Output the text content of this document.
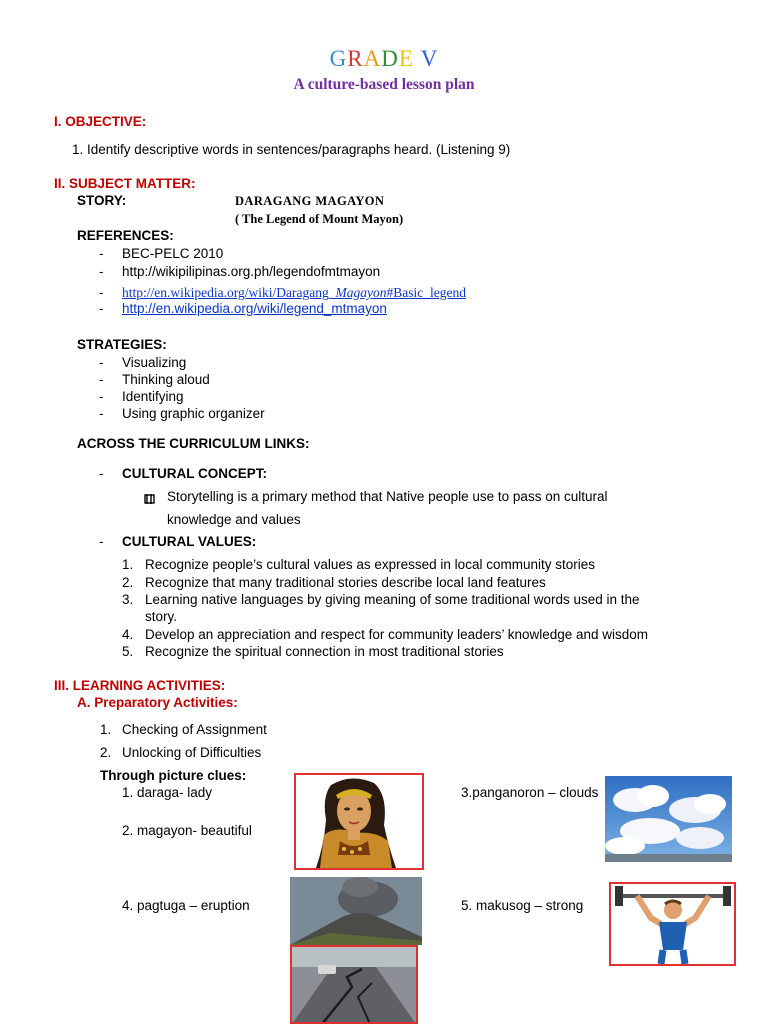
GRADE V
A culture-based lesson plan
I. OBJECTIVE:
1. Identify descriptive words in sentences/paragraphs heard. (Listening 9)
II. SUBJECT MATTER:
STORY:	DARAGANG MAGAYON
( The Legend of Mount Mayon)
REFERENCES:
- BEC-PELC 2010
- http://wikipilipinas.org.ph/legendofmtmayon
- http://en.wikipedia.org/wiki/Daragang_Magayon#Basic_legend
- http://en.wikipedia.org/wiki/legend_mtmayon
STRATEGIES:
- Visualizing
- Thinking aloud
- Identifying
- Using graphic organizer
ACROSS THE CURRICULUM LINKS:
- CULTURAL CONCEPT:
Storytelling is a primary method that Native people use to pass on cultural
knowledge and values
- CULTURAL VALUES:
1. Recognize people’s cultural values as expressed in local community stories
2. Recognize that many traditional stories describe local land features
3. Learning native languages by giving meaning of some traditional words used in the
story.
4. Develop an appreciation and respect for community leaders’ knowledge and wisdom
5. Recognize the spiritual connection in most traditional stories
III. LEARNING ACTIVITIES:
A. Preparatory Activities:
1. Checking of Assignment
2. Unlocking of Difficulties
Through picture clues:
1. daraga- lady
2. magayon- beautiful
3.panganoron – clouds
4. pagtuga – eruption	5. makusog – strong
